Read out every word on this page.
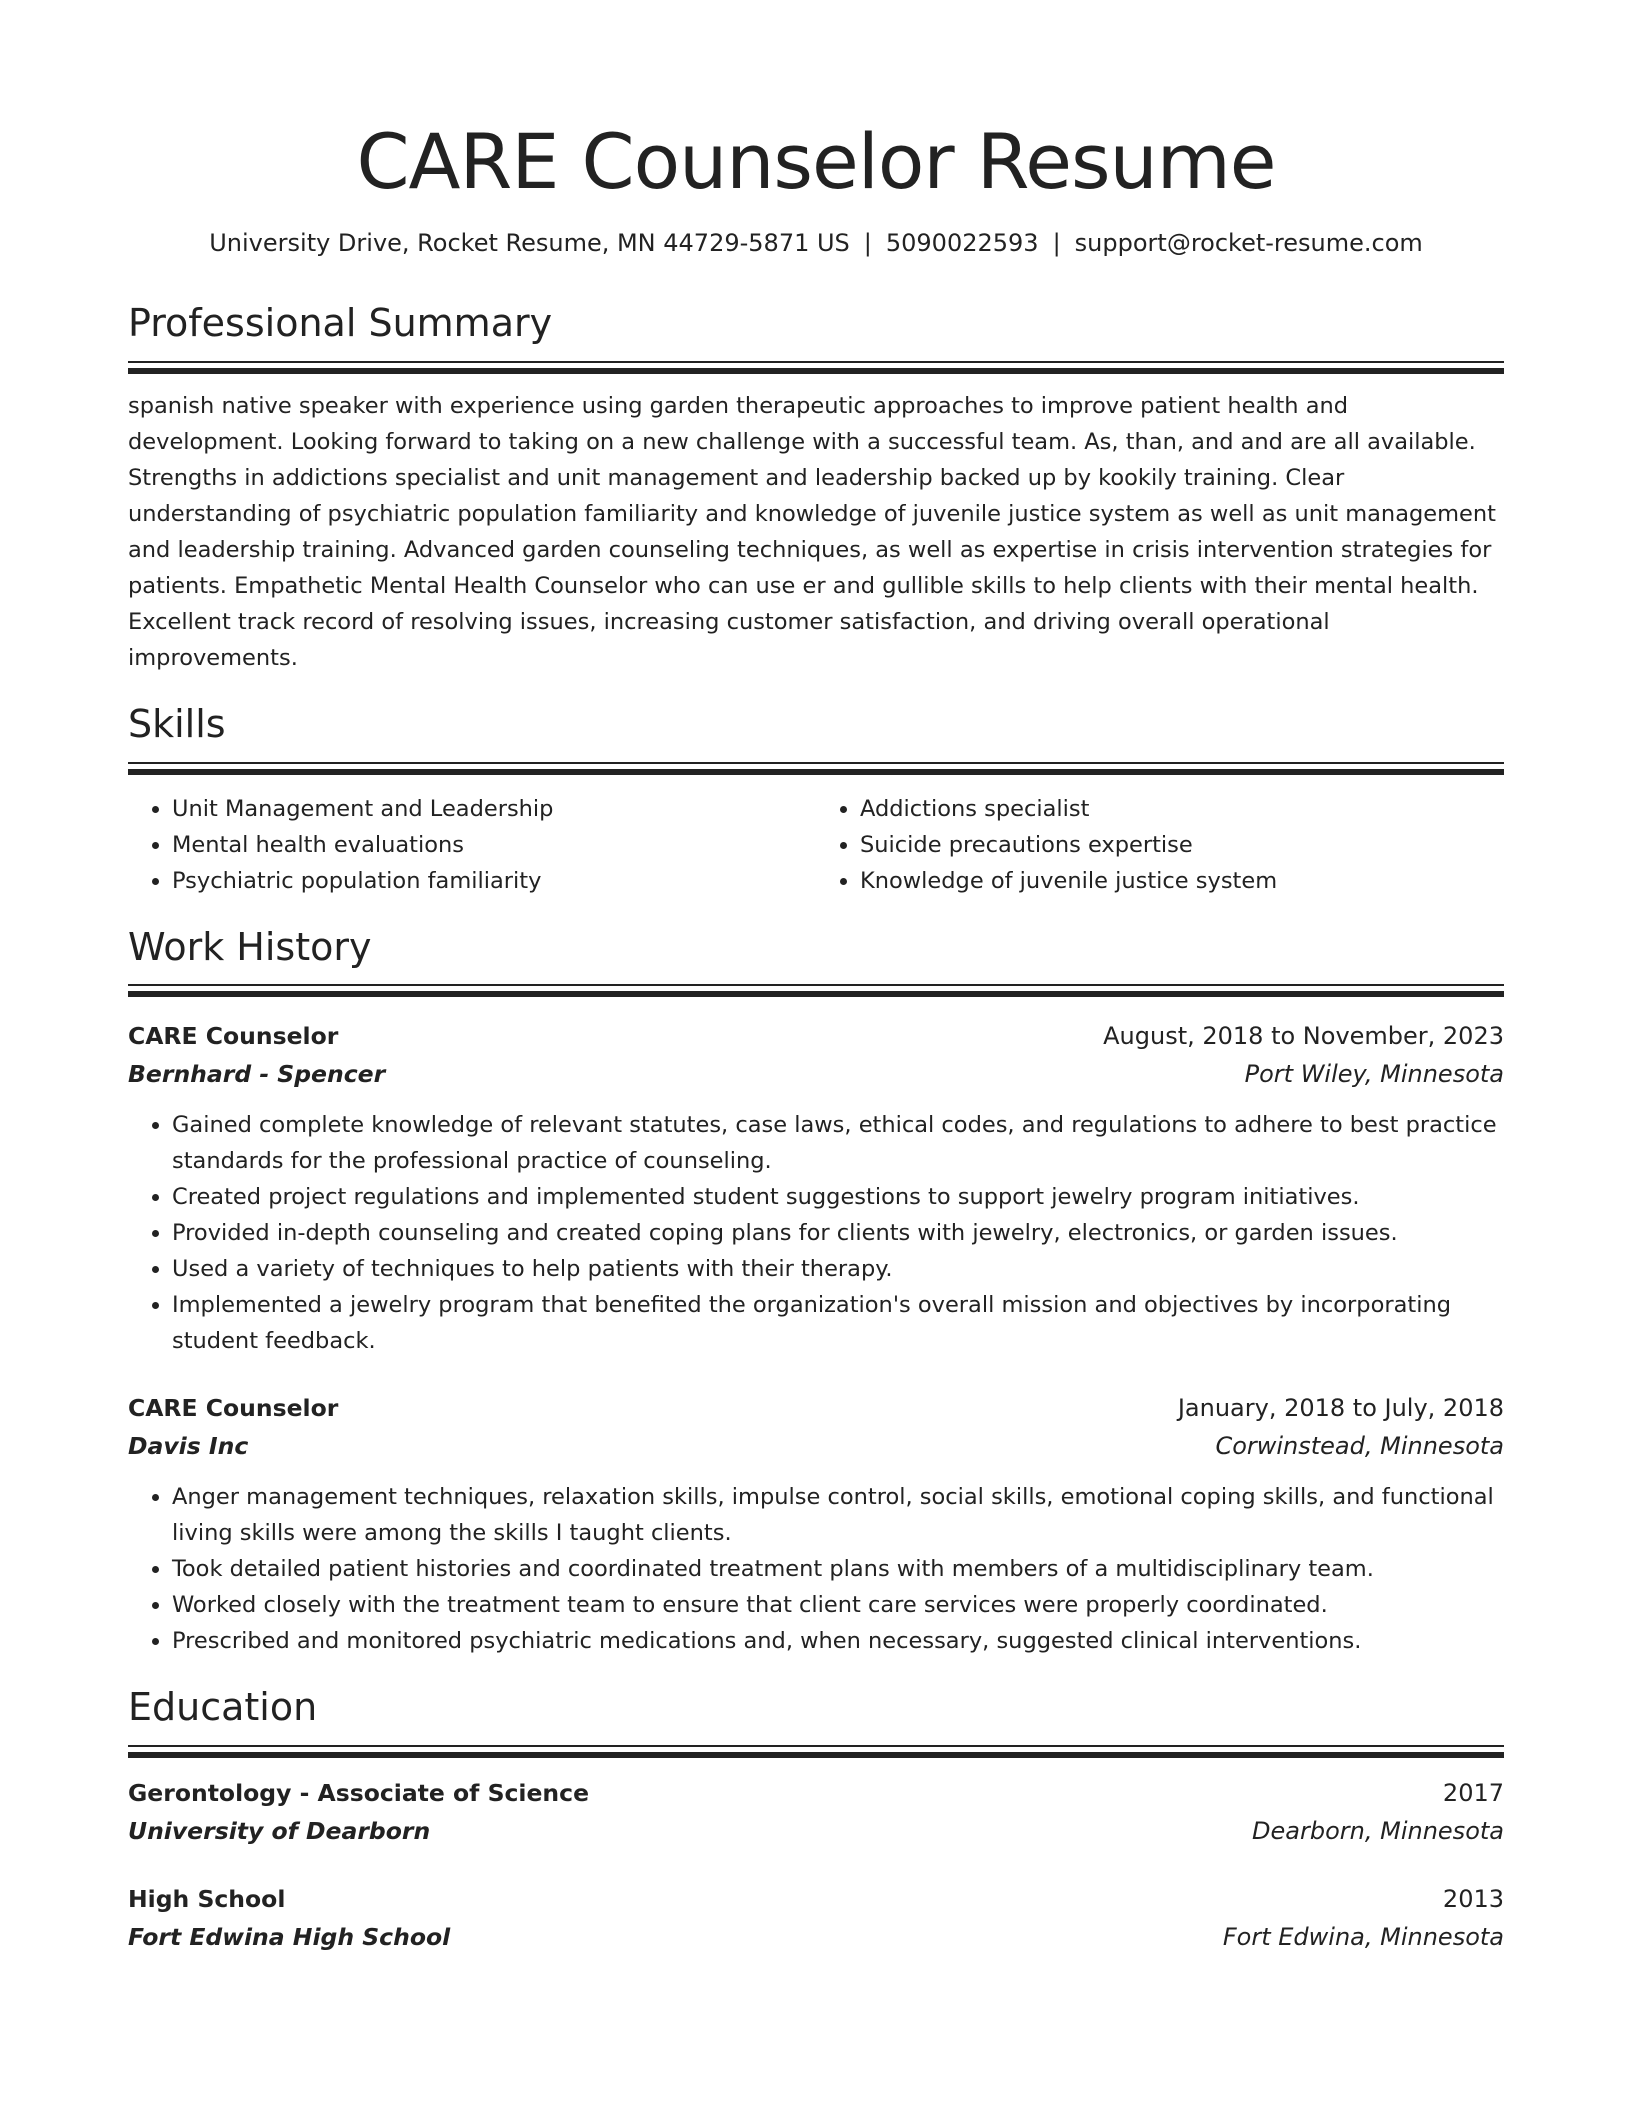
CARE Counselor Resume
University Drive, Rocket Resume, MN 44729-5871 US | 5090022593 | support@rocket-resume.com
Professional Summary
spanish native speaker with experience using garden therapeutic approaches to improve patient health and development. Looking forward to taking on a new challenge with a successful team. As, than, and and are all available. Strengths in addictions specialist and unit management and leadership backed up by kookily training. Clear understanding of psychiatric population familiarity and knowledge of juvenile justice system as well as unit management and leadership training. Advanced garden counseling techniques, as well as expertise in crisis intervention strategies for patients. Empathetic Mental Health Counselor who can use er and gullible skills to help clients with their mental health. Excellent track record of resolving issues, increasing customer satisfaction, and driving overall operational improvements.
Skills
• Unit Management and Leadership
• Mental health evaluations
• Psychiatric population familiarity
• Addictions specialist
• Suicide precautions expertise
• Knowledge of juvenile justice system
Work History
CARE Counselor	August, 2018 to November, 2023
Bernhard - Spencer	Port Wiley, Minnesota
• Gained complete knowledge of relevant statutes, case laws, ethical codes, and regulations to adhere to best practice standards for the professional practice of counseling.
• Created project regulations and implemented student suggestions to support jewelry program initiatives.
• Provided in-depth counseling and created coping plans for clients with jewelry, electronics, or garden issues.
• Used a variety of techniques to help patients with their therapy.
• Implemented a jewelry program that benefited the organization's overall mission and objectives by incorporating student feedback.
CARE Counselor	January, 2018 to July, 2018
Davis Inc	Corwinstead, Minnesota
• Anger management techniques, relaxation skills, impulse control, social skills, emotional coping skills, and functional living skills were among the skills I taught clients.
• Took detailed patient histories and coordinated treatment plans with members of a multidisciplinary team.
• Worked closely with the treatment team to ensure that client care services were properly coordinated.
• Prescribed and monitored psychiatric medications and, when necessary, suggested clinical interventions.
Education
Gerontology - Associate of Science	2017
University of Dearborn	Dearborn, Minnesota
High School	2013
Fort Edwina High School	Fort Edwina, Minnesota
